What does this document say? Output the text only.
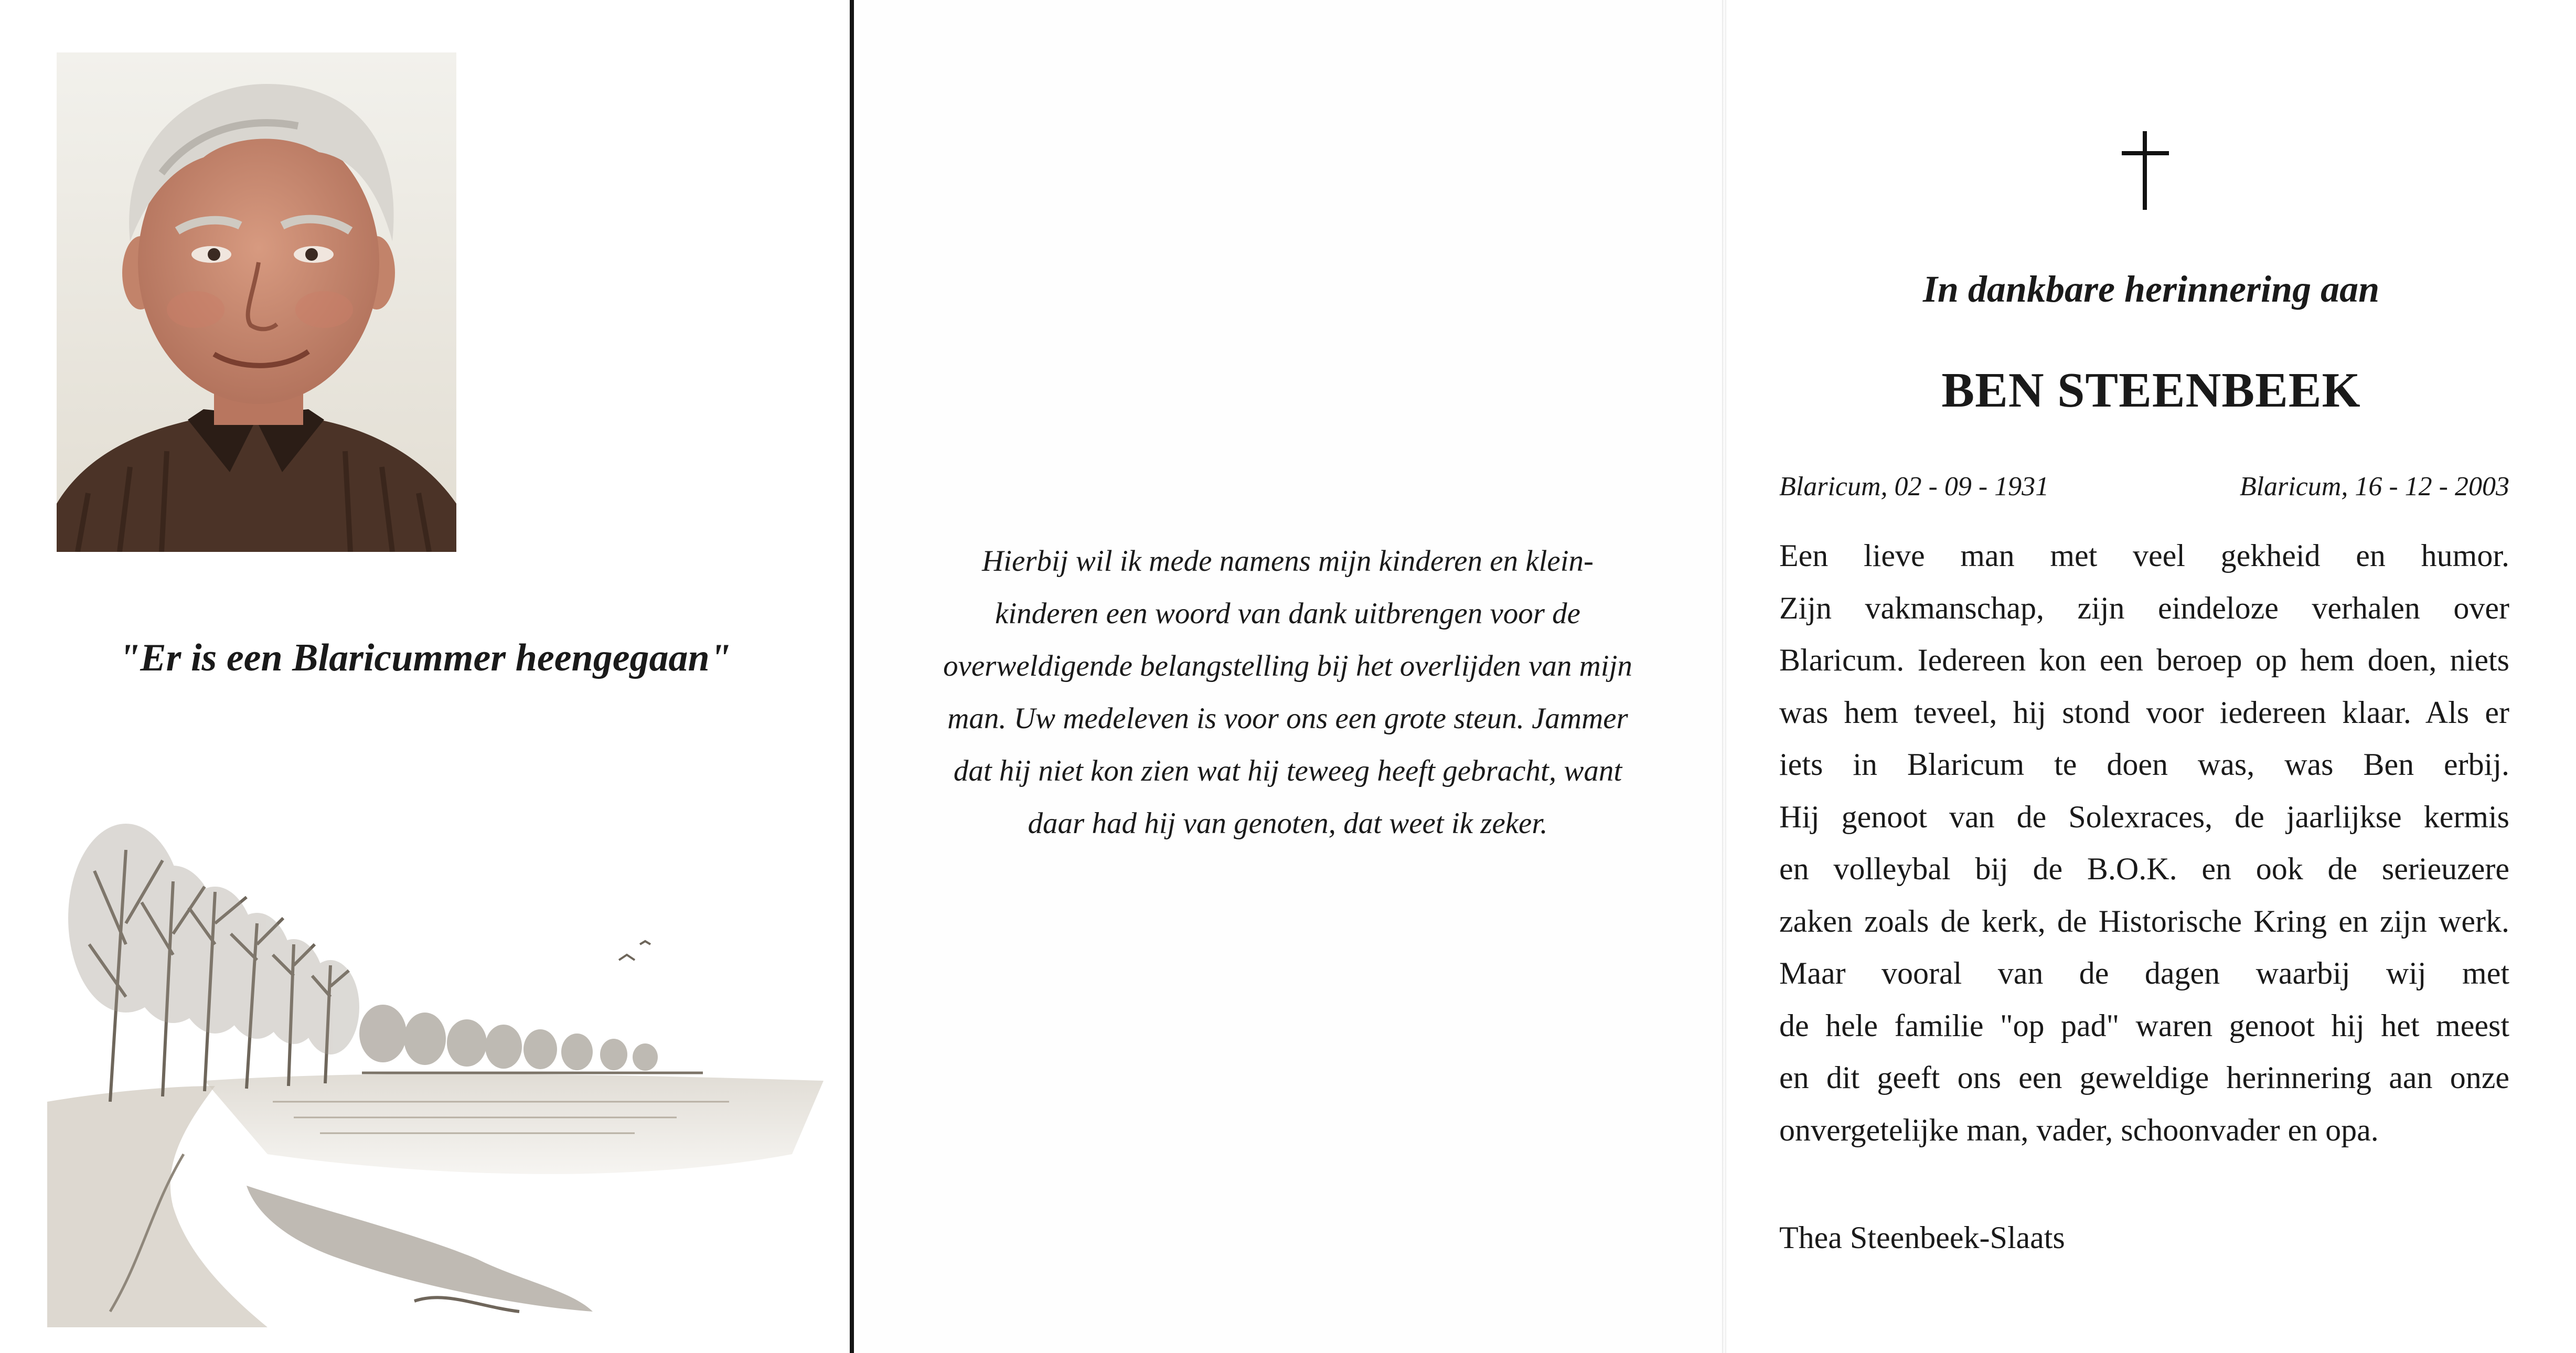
"Er is een Blaricummer heengegaan"

Hierbij wil ik mede namens mijn kinderen en klein-
kinderen een woord van dank uitbrengen voor de
overweldigende belangstelling bij het overlijden van mijn
man. Uw medeleven is voor ons een grote steun. Jammer
dat hij niet kon zien wat hij teweeg heeft gebracht, want
daar had hij van genoten, dat weet ik zeker.

In dankbare herinnering aan
BEN STEENBEEK
Blaricum, 02 - 09 - 1931	Blaricum, 16 - 12 - 2003

Een lieve man met veel gekheid en humor.
Zijn vakmanschap, zijn eindeloze verhalen over
Blaricum. Iedereen kon een beroep op hem doen, niets
was hem teveel, hij stond voor iedereen klaar. Als er
iets in Blaricum te doen was, was Ben erbij.
Hij genoot van de Solexraces, de jaarlijkse kermis
en volleybal bij de B.O.K. en ook de serieuzere
zaken zoals de kerk, de Historische Kring en zijn werk.
Maar vooral van de dagen waarbij wij met
de hele familie "op pad" waren genoot hij het meest
en dit geeft ons een geweldige herinnering aan onze
onvergetelijke man, vader, schoonvader en opa.

Thea Steenbeek-Slaats
